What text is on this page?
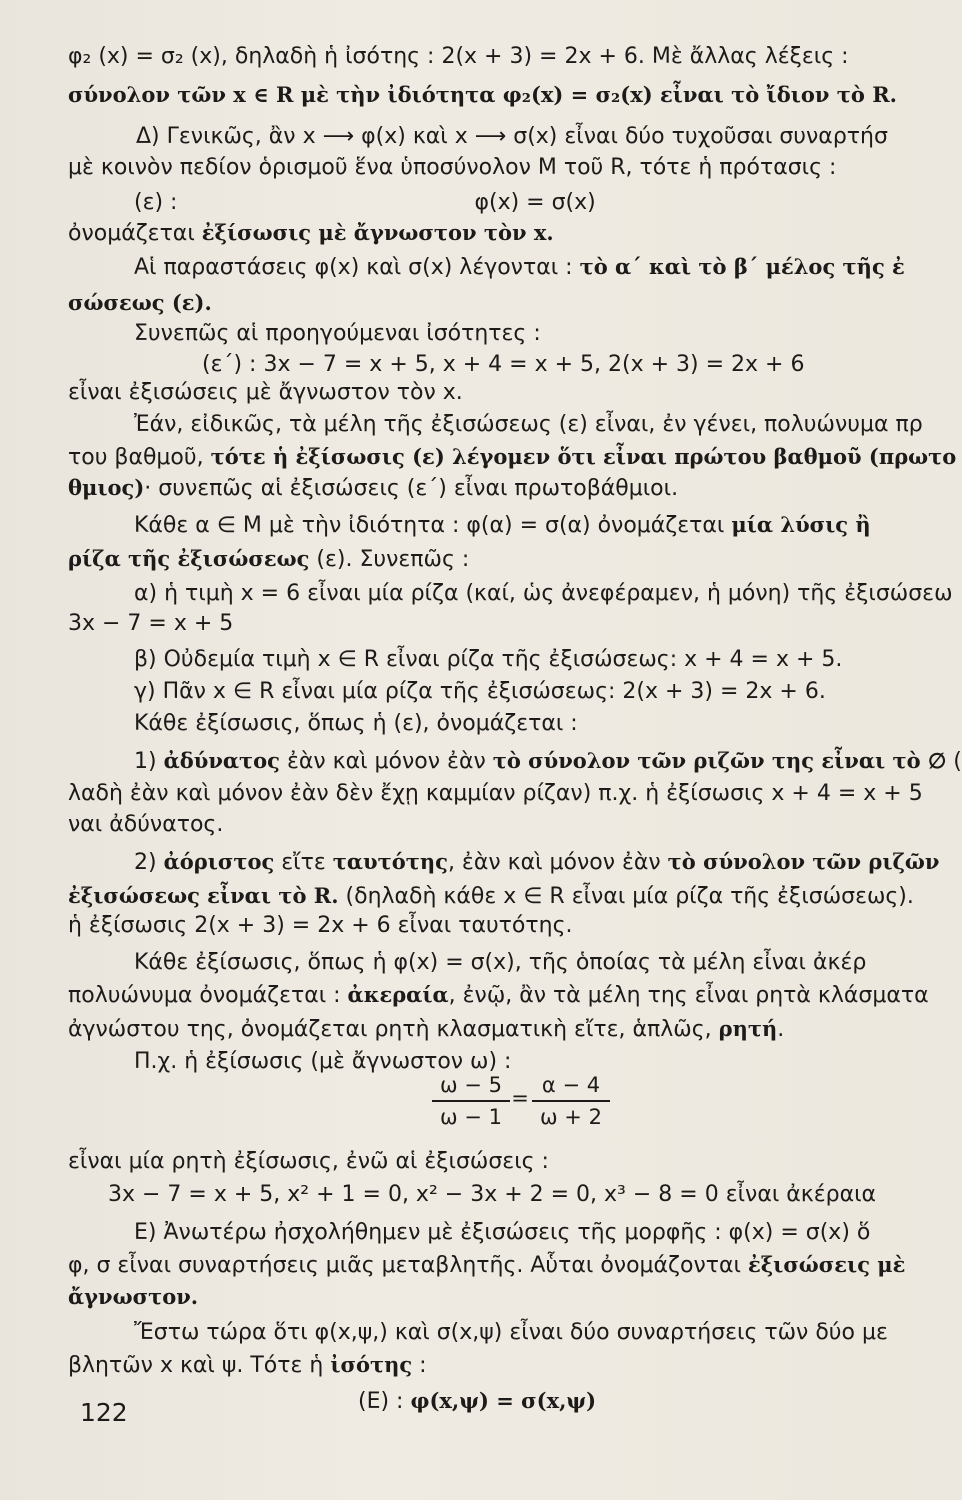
φ₂ (x) = σ₂ (x), δηλαδὴ ἡ ἰσότης : 2(x + 3) = 2x + 6. Μὲ ἄλλας λέξεις :
σύνολον τῶν x ∈ R μὲ τὴν ἰδιότητα φ₂(x) = σ₂(x) εἶναι τὸ ἴδιον τὸ R.
Δ) Γενικῶς, ἂν x ⟶ φ(x) καὶ x ⟶ σ(x) εἶναι δύο τυχοῦσαι συναρτήσ
μὲ κοινὸν πεδίον ὁρισμοῦ ἕνα ὑποσύνολον Μ τοῦ R, τότε ἡ πρότασις :
(ε) :	φ(x) = σ(x)
ὀνομάζεται ἐξίσωσις μὲ ἄγνωστον τὸν x.
Αἱ παραστάσεις φ(x) καὶ σ(x) λέγονται : τὸ α΄ καὶ τὸ β΄ μέλος τῆς ἐ
σώσεως (ε).
Συνεπῶς αἱ προηγούμεναι ἰσότητες :
(ε΄) : 3x − 7 = x + 5, x + 4 = x + 5, 2(x + 3) = 2x + 6
εἶναι ἐξισώσεις μὲ ἄγνωστον τὸν x.
Ἐάν, εἰδικῶς, τὰ μέλη τῆς ἐξισώσεως (ε) εἶναι, ἐν γένει, πολυώνυμα πρ
του βαθμοῦ, τότε ἡ ἐξίσωσις (ε) λέγομεν ὅτι εἶναι πρώτου βαθμοῦ (πρωτο
θμιος)· συνεπῶς αἱ ἐξισώσεις (ε΄) εἶναι πρωτοβάθμιοι.
Κάθε α ∈ Μ μὲ τὴν ἰδιότητα : φ(α) = σ(α) ὀνομάζεται μία λύσις ἢ
ρίζα τῆς ἐξισώσεως (ε). Συνεπῶς :
α) ἡ τιμὴ x = 6 εἶναι μία ρίζα (καί, ὡς ἀνεφέραμεν, ἡ μόνη) τῆς ἐξισώσεω
3x − 7 = x + 5
β) Οὐδεμία τιμὴ x ∈ R εἶναι ρίζα τῆς ἐξισώσεως: x + 4 = x + 5.
γ) Πᾶν x ∈ R εἶναι μία ρίζα τῆς ἐξισώσεως: 2(x + 3) = 2x + 6.
Κάθε ἐξίσωσις, ὅπως ἡ (ε), ὀνομάζεται :
1) ἀδύνατος ἐὰν καὶ μόνον ἐὰν τὸ σύνολον τῶν ριζῶν της εἶναι τὸ ∅ (
λαδὴ ἐὰν καὶ μόνον ἐὰν δὲν ἔχῃ καμμίαν ρίζαν) π.χ. ἡ ἐξίσωσις x + 4 = x + 5
ναι ἀδύνατος.
2) ἀόριστος εἴτε ταυτότης, ἐὰν καὶ μόνον ἐὰν τὸ σύνολον τῶν ριζῶν
ἐξισώσεως εἶναι τὸ R. (δηλαδὴ κάθε x ∈ R εἶναι μία ρίζα τῆς ἐξισώσεως).
ἡ ἐξίσωσις 2(x + 3) = 2x + 6 εἶναι ταυτότης.
Κάθε ἐξίσωσις, ὅπως ἡ φ(x) = σ(x), τῆς ὁποίας τὰ μέλη εἶναι ἀκέρ
πολυώνυμα ὀνομάζεται : ἀκεραία, ἐνῷ, ἂν τὰ μέλη της εἶναι ρητὰ κλάσματα
ἀγνώστου της, ὀνομάζεται ρητὴ κλασματικὴ εἴτε, ἁπλῶς, ρητή.
Π.χ. ἡ ἐξίσωσις (μὲ ἄγνωστον ω) :
ω − 5
ω − 1
=
α − 4
ω + 2
εἶναι μία ρητὴ ἐξίσωσις, ἐνῶ αἱ ἐξισώσεις :
3x − 7 = x + 5, x² + 1 = 0, x² − 3x + 2 = 0, x³ − 8 = 0 εἶναι ἀκέραια
Ε) Ἀνωτέρω ἠσχολήθημεν μὲ ἐξισώσεις τῆς μορφῆς : φ(x) = σ(x) ὅ
φ, σ εἶναι συναρτήσεις μιᾶς μεταβλητῆς. Αὗται ὀνομάζονται ἐξισώσεις μὲ
ἄγνωστον.
Ἔστω τώρα ὅτι φ(x,ψ,) καὶ σ(x,ψ) εἶναι δύο συναρτήσεις τῶν δύο με
βλητῶν x καὶ ψ. Τότε ἡ ἰσότης :
(Ε) : φ(x,ψ) = σ(x,ψ)
122
